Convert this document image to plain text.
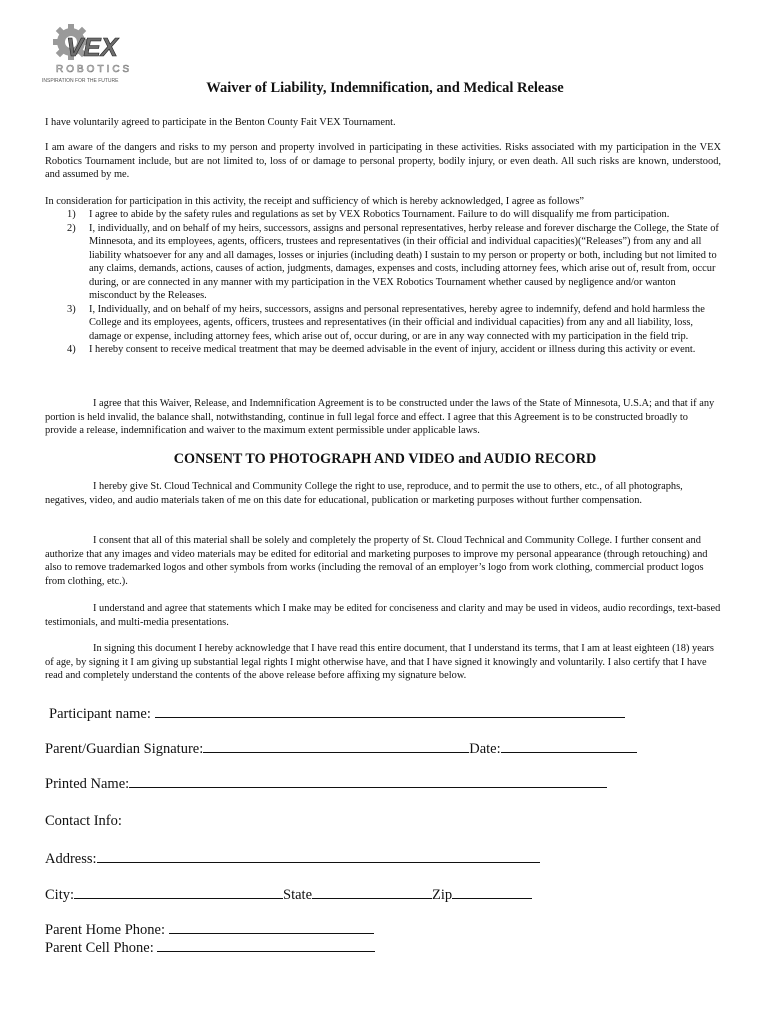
VEX
ROBOTICS
INSPIRATION FOR THE FUTURE	Waiver of Liability, Indemnification, and Medical Release
I have voluntarily agreed to participate in the Benton County Fait VEX Tournament.
I am aware of the dangers and risks to my person and property involved in participating in these activities. Risks associated with my participation in the VEX Robotics Tournament include, but are not limited to, loss of or damage to personal property, bodily injury, or even death. All such risks are known, understood, and assumed by me.
In consideration for participation in this activity, the receipt and sufficiency of which is hereby acknowledged, I agree as follows”
1) I agree to abide by the safety rules and regulations as set by VEX Robotics Tournament. Failure to do will disqualify me from participation.
2) I, individually, and on behalf of my heirs, successors, assigns and personal representatives, herby release and forever discharge the College, the State of Minnesota, and its employees, agents, officers, trustees and representatives (in their official and individual capacities)(“Releases”) from any and all liability whatsoever for any and all damages, losses or injuries (including death) I sustain to my person or property or both, including but not limited to any claims, demands, actions, causes of action, judgments, damages, expenses and costs, including attorney fees, which arise out of, result from, occur during, or are connected in any manner with my participation in the VEX Robotics Tournament whether caused by negligence and/or wanton misconduct by the Releases.
3) I, Individually, and on behalf of my heirs, successors, assigns and personal representatives, hereby agree to indemnify, defend and hold harmless the College and its employees, agents, officers, trustees and representatives (in their official and individual capacities) from any and all liability, loss, damage or expense, including attorney fees, which arise out of, occur during, or are in any way connected with my participation in the field trip.
4) I hereby consent to receive medical treatment that may be deemed advisable in the event of injury, accident or illness during this activity or event.
I agree that this Waiver, Release, and Indemnification Agreement is to be constructed under the laws of the State of Minnesota, U.S.A; and that if any portion is held invalid, the balance shall, notwithstanding, continue in full legal force and effect. I agree that this Agreement is to be constructed broadly to provide a release, indemnification and waiver to the maximum extent permissible under applicable laws.
CONSENT TO PHOTOGRAPH AND VIDEO and AUDIO RECORD
I hereby give St. Cloud Technical and Community College the right to use, reproduce, and to permit the use to others, etc., of all photographs, negatives, video, and audio materials taken of me on this date for educational, publication or marketing purposes without further compensation.
I consent that all of this material shall be solely and completely the property of St. Cloud Technical and Community College. I further consent and authorize that any images and video materials may be edited for editorial and marketing purposes to improve my personal appearance (through retouching) and also to remove trademarked logos and other symbols from works (including the removal of an employer’s logo from work clothing, commercial product logos from clothing, etc.).
I understand and agree that statements which I make may be edited for conciseness and clarity and may be used in videos, audio recordings, text-based testimonials, and multi-media presentations.
In signing this document I hereby acknowledge that I have read this entire document, that I understand its terms, that I am at least eighteen (18) years of age, by signing it I am giving up substantial legal rights I might otherwise have, and that I have signed it knowingly and voluntarily. I also certify that I have read and completely understand the contents of the above release before affixing my signature below.
Participant name:
Parent/Guardian Signature:	Date:
Printed Name:
Contact Info:
Address:
City:	State	Zip
Parent Home Phone:
Parent Cell Phone:
